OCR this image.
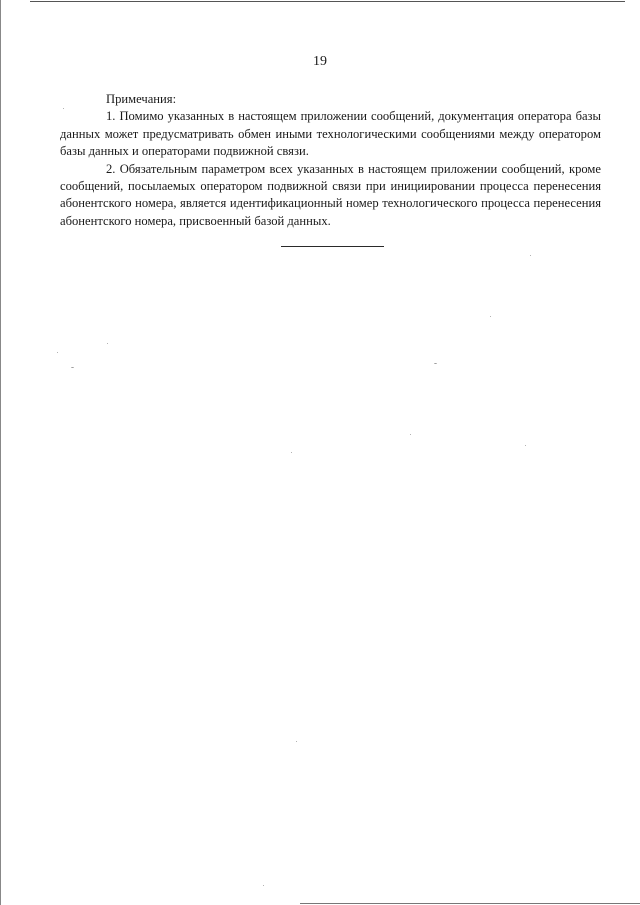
19

Примечания:

1. Помимо указанных в настоящем приложении сообщений, документация оператора базы данных может предусматривать обмен иными технологическими сообщениями между оператором базы данных и операторами подвижной связи.

2. Обязательным параметром всех указанных в настоящем приложении сообщений, кроме сообщений, посылаемых оператором подвижной связи при инициировании процесса перенесения абонентского номера, является идентификационный номер технологического процесса перенесения абонентского номера, присвоенный базой данных.
